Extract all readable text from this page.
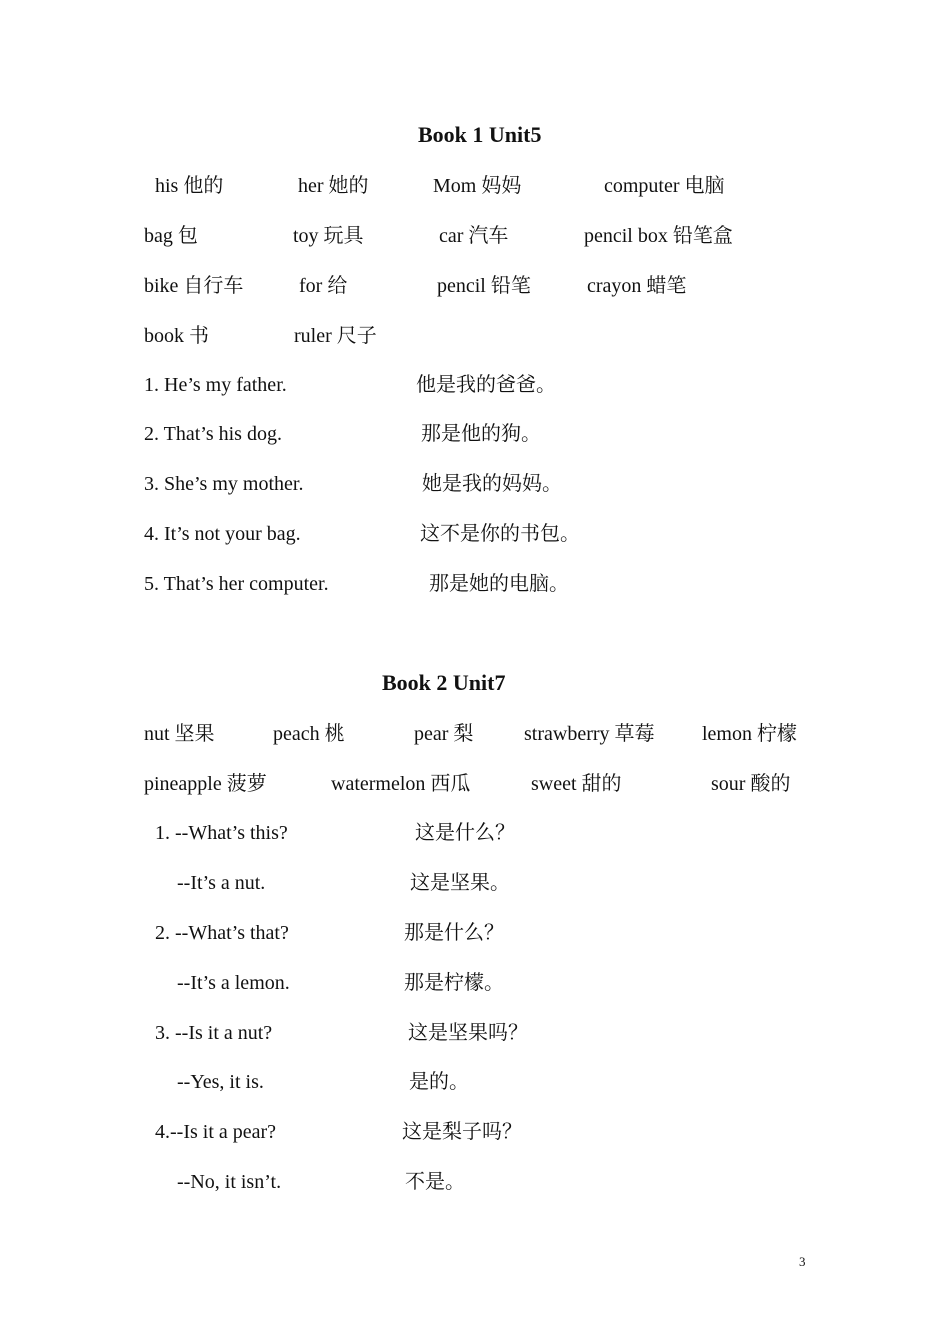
Book 1 Unit5
his 他的	her 她的	Mom 妈妈	computer 电脑
bag 包	toy 玩具	car 汽车	pencil box 铅笔盒
bike 自行车	for 给	pencil 铅笔	crayon 蜡笔
book 书	ruler 尺子
1. He’s my father.	他是我的爸爸。
2. That’s his dog.	那是他的狗。
3. She’s my mother.	她是我的妈妈。
4. It’s not your bag.	这不是你的书包。
5. That’s her computer.	那是她的电脑。
Book 2 Unit7
nut 坚果	peach 桃	pear 梨	strawberry 草莓 lemon 柠檬
pineapple 菠萝	watermelon 西瓜	sweet 甜的	sour 酸的
1. --What’s this?	这是什么？
--It’s a nut.	这是坚果。
2. --What’s that?	那是什么？
--It’s a lemon.	那是柠檬。
3. --Is it a nut?	这是坚果吗？
--Yes, it is.	是的。
4.--Is it a pear?	这是梨子吗？
--No, it isn’t.	不是。
3
